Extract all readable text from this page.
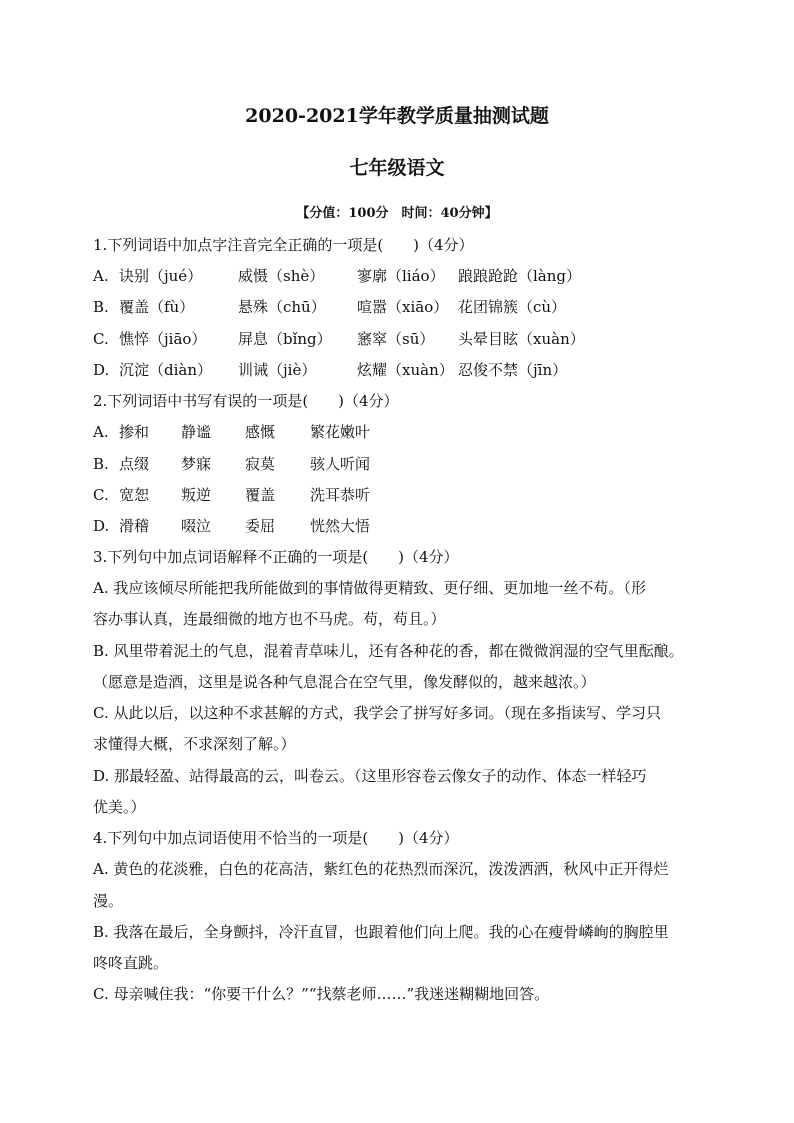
2020-2021学年教学质量抽测试题
七年级语文
【分值：100分　时间：40分钟】
1.下列词语中加点字注音完全正确的一项是(　　)（4分）
A. 诀别（jué） 威慑（shè） 寥廓（liáo） 踉踉跄跄（làng）
B. 覆盖（fù）	悬殊（chū） 喧嚣（xiāo） 花团锦簇（cù）
C. 憔悴（jiāo） 屏息（bǐng） 窸窣（sū） 头晕目眩（xuàn）
D. 沉淀（diàn） 训诫（jiè）	炫耀（xuàn） 忍俊不禁（jīn）
2.下列词语中书写有误的一项是(　　)（4分）
A. 掺和 静谧 感慨 繁花嫩叶
B. 点缀 梦寐 寂莫 骇人听闻
C. 宽恕 叛逆 覆盖 洗耳恭听
D. 滑稽 啜泣 委屈 恍然大悟
3.下列句中加点词语解释不正确的一项是(　　)（4分）
A. 我应该倾尽所能把我所能做到的事情做得更精致、更仔细、更加地一丝不苟。（形
容办事认真，连最细微的地方也不马虎。苟，苟且。）
B. 风里带着泥土的气息，混着青草味儿，还有各种花的香，都在微微润湿的空气里酝酿。
（愿意是造酒，这里是说各种气息混合在空气里，像发酵似的，越来越浓。）
C. 从此以后，以这种不求甚解的方式，我学会了拼写好多词。（现在多指读写、学习只
求懂得大概，不求深刻了解。）
D. 那最轻盈、站得最高的云，叫卷云。（这里形容卷云像女子的动作、体态一样轻巧
优美。）
4.下列句中加点词语使用不恰当的一项是(　　)（4分）
A. 黄色的花淡雅，白色的花高洁，紫红色的花热烈而深沉，泼泼洒洒，秋风中正开得烂
漫。
B. 我落在最后，全身颤抖，冷汗直冒，也跟着他们向上爬。我的心在瘦骨嶙峋的胸腔里
咚咚直跳。
C. 母亲喊住我：“你要干什么？”“找蔡老师……”我迷迷糊糊地回答。
